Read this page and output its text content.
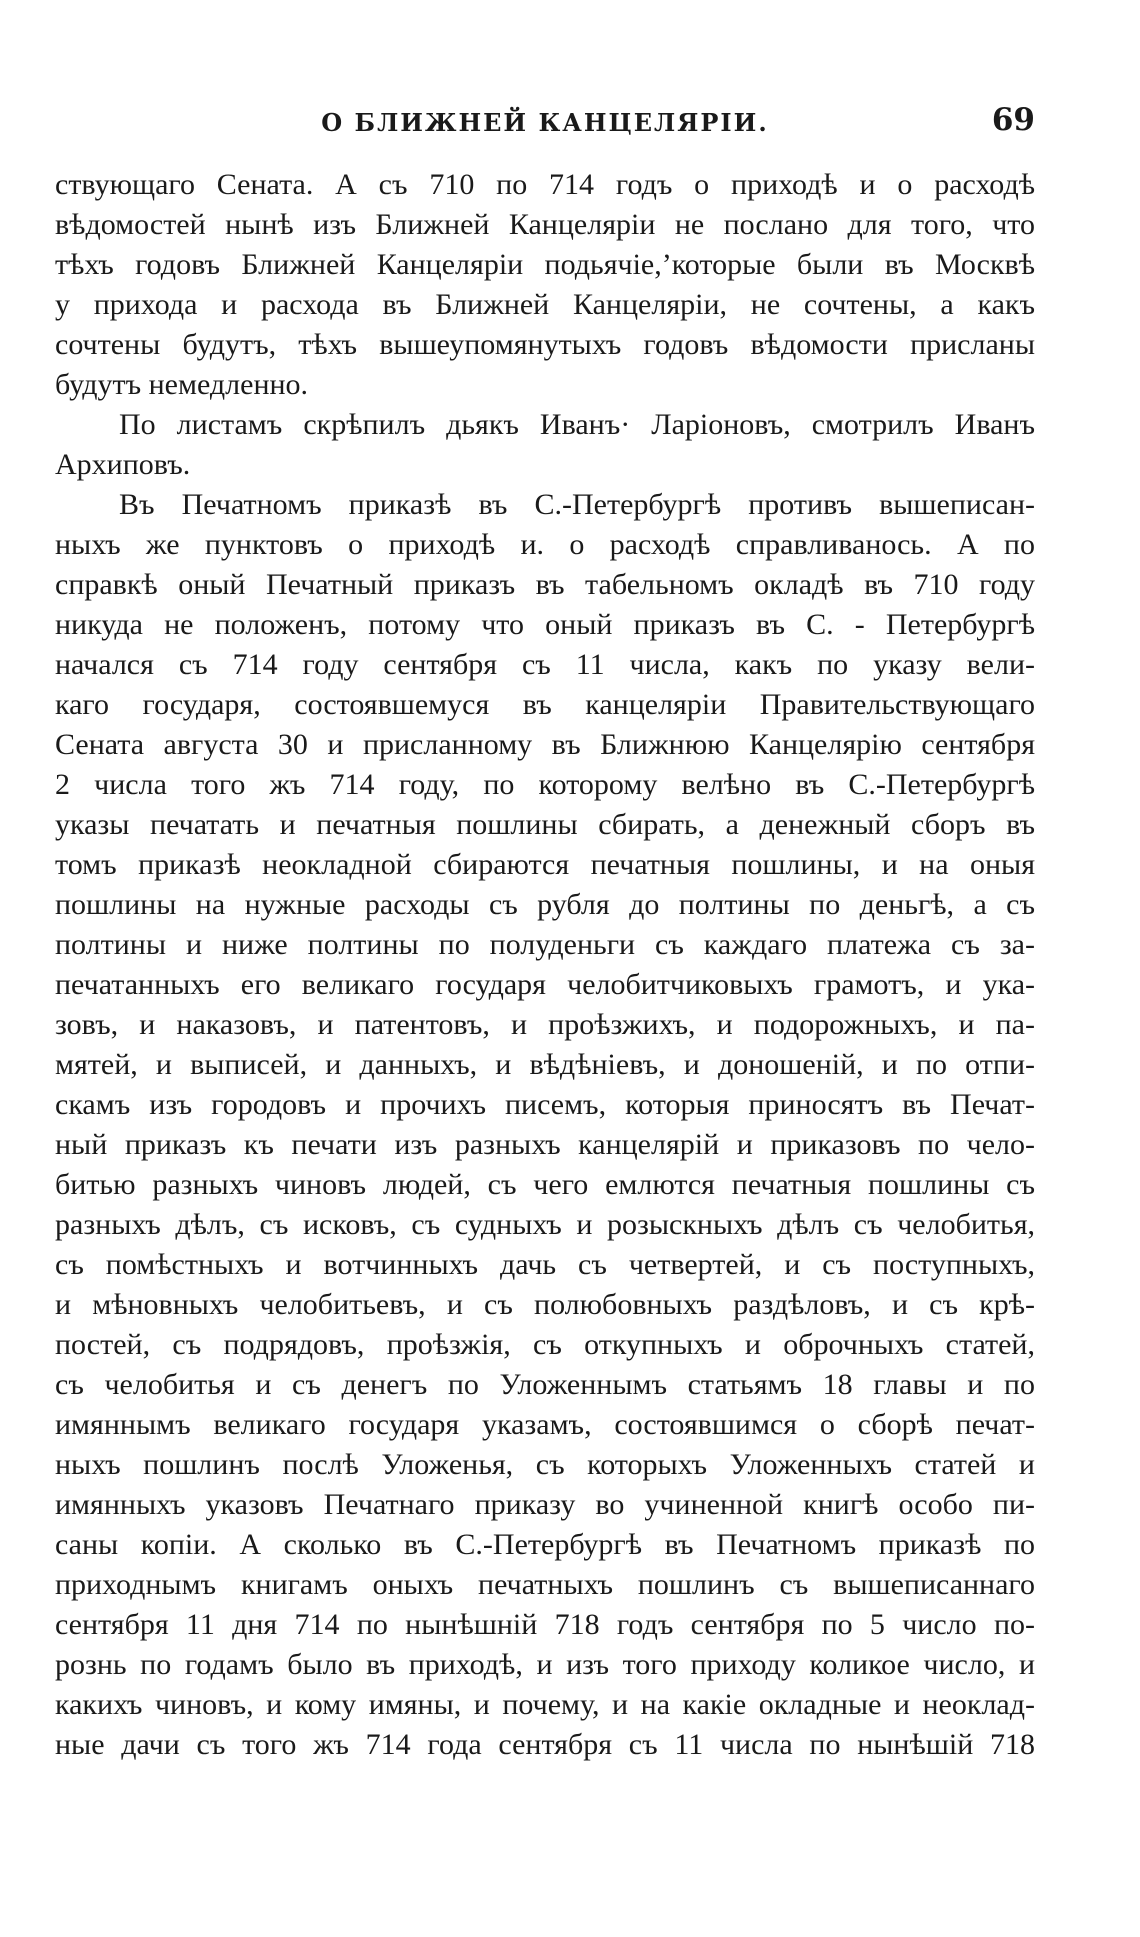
О БЛИЖНЕЙ КАНЦЕЛЯРІИ.	69
ствующаго Сената. А съ 710 по 714 годъ о приходѣ и о расходѣ
вѣдомостей нынѣ изъ Ближней Канцеляріи не послано для того, что
тѣхъ годовъ Ближней Канцеляріи подьячіе,’которые были въ Москвѣ
у прихода и расхода въ Ближней Канцеляріи, не сочтены, а какъ
сочтены будутъ, тѣхъ вышеупомянутыхъ годовъ вѣдомости присланы
будутъ немедленно.
По листамъ скрѣпилъ дьякъ Иванъ· Ларіоновъ, смотрилъ Иванъ
Архиповъ.
Въ Печатномъ приказѣ въ С.-Петербургѣ противъ вышеписан-
ныхъ же пунктовъ о приходѣ и. о расходѣ справливанось. А по
справкѣ оный Печатный приказъ въ табельномъ окладѣ въ 710 году
никуда не положенъ, потому что оный приказъ въ С. - Петербургѣ
начался съ 714 году сентября съ 11 числа, какъ по указу вели-
каго государя, состоявшемуся въ канцеляріи Правительствующаго
Сената августа 30 и присланному въ Ближнюю Канцелярію сентября
2 числа того жъ 714 году, по которому велѣно въ С.-Петербургѣ
указы печатать и печатныя пошлины сбирать, а денежный сборъ въ
томъ приказѣ неокладной сбираются печатныя пошлины, и на оныя
пошлины на нужные расходы съ рубля до полтины по деньгѣ, а съ
полтины и ниже полтины по полуденьги съ каждаго платежа съ за-
печатанныхъ его великаго государя челобитчиковыхъ грамотъ, и ука-
зовъ, и наказовъ, и патентовъ, и проѣзжихъ, и подорожныхъ, и па-
мятей, и выписей, и данныхъ, и вѣдѣніевъ, и доношеній, и по отпи-
скамъ изъ городовъ и прочихъ писемъ, которыя приносятъ въ Печат-
ный приказъ къ печати изъ разныхъ канцелярій и приказовъ по чело-
битью разныхъ чиновъ людей, съ чего емлются печатныя пошлины съ
разныхъ дѣлъ, съ исковъ, съ судныхъ и розыскныхъ дѣлъ съ челобитья,
съ помѣстныхъ и вотчинныхъ дачь съ четвертей, и съ поступныхъ,
и мѣновныхъ челобитьевъ, и съ полюбовныхъ раздѣловъ, и съ крѣ-
постей, съ подрядовъ, проѣзжія, съ откупныхъ и оброчныхъ статей,
съ челобитья и съ денегъ по Уложеннымъ статьямъ 18 главы и по
имяннымъ великаго государя указамъ, состоявшимся о сборѣ печат-
ныхъ пошлинъ послѣ Уложенья, съ которыхъ Уложенныхъ статей и
имянныхъ указовъ Печатнаго приказу во учиненной книгѣ особо пи-
саны копіи. А сколько въ С.-Петербургѣ въ Печатномъ приказѣ по
приходнымъ книгамъ оныхъ печатныхъ пошлинъ съ вышеписаннаго
сентября 11 дня 714 по нынѣшній 718 годъ сентября по 5 число по-
рознь по годамъ было въ приходѣ, и изъ того приходу коликое число, и
какихъ чиновъ, и кому имяны, и почему, и на какіе окладные и неоклад-
ные дачи съ того жъ 714 года сентября съ 11 числа по нынѣшій 718
